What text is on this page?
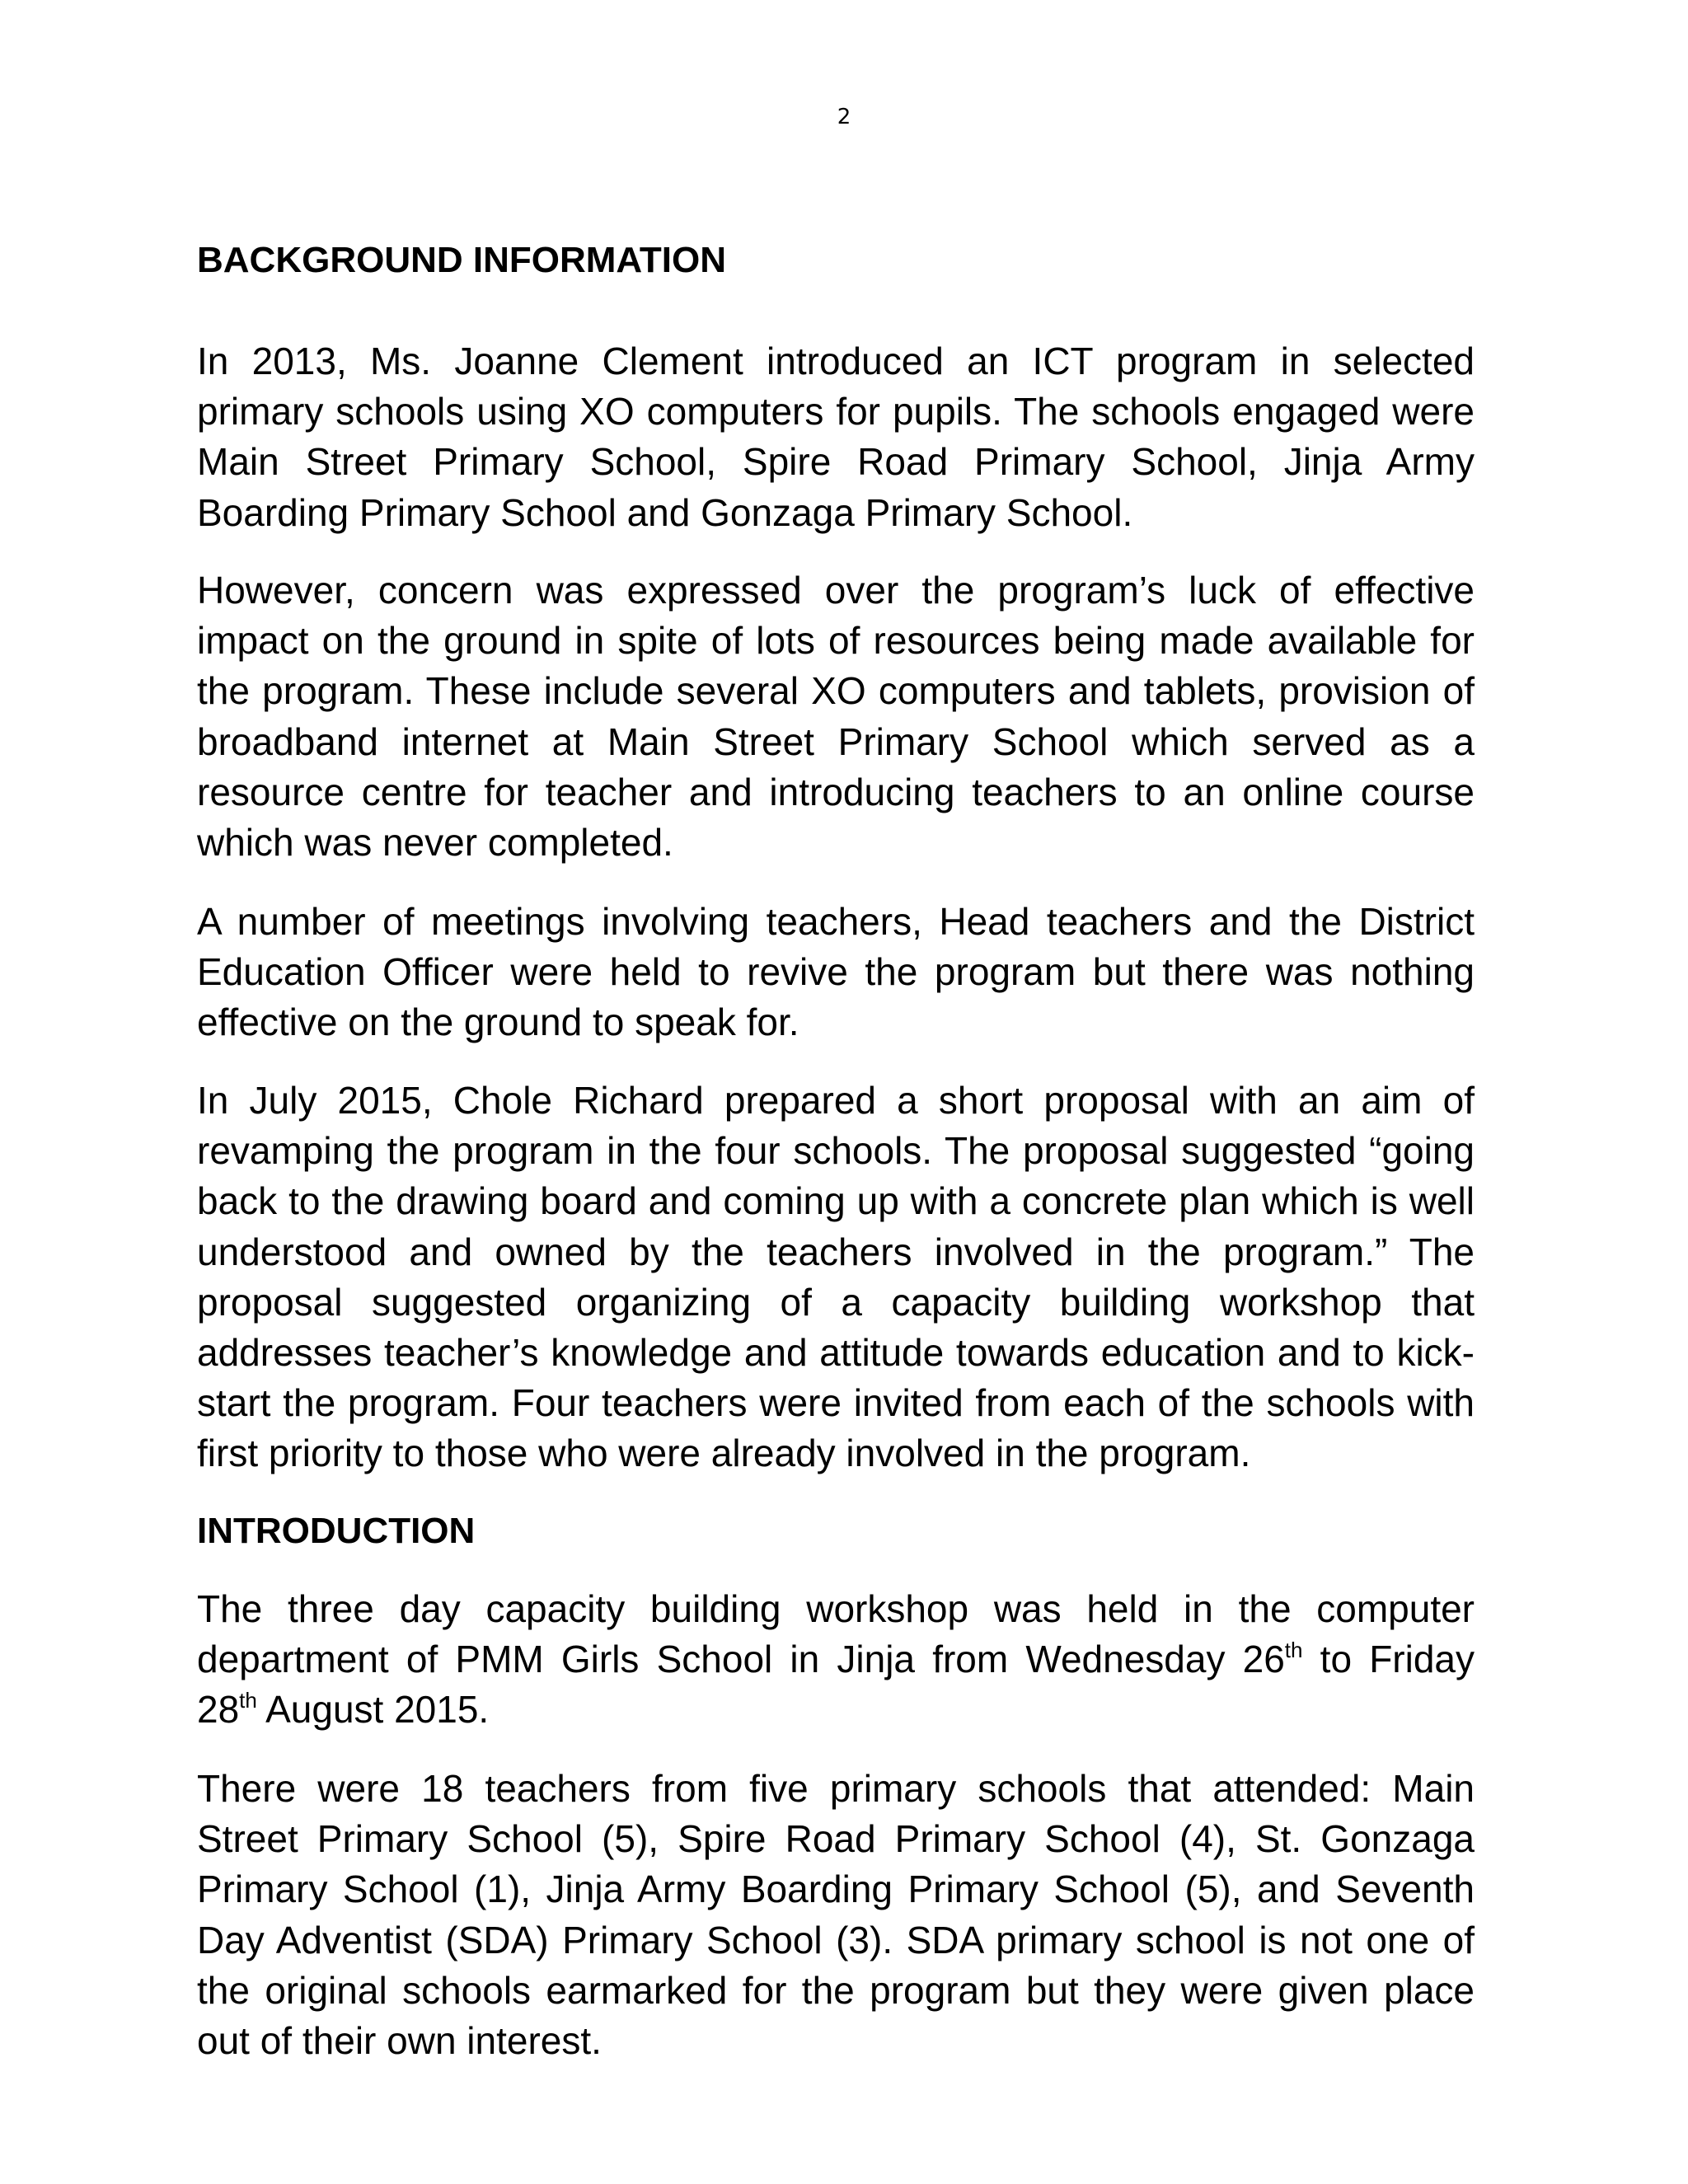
2
BACKGROUND INFORMATION
In 2013, Ms. Joanne Clement introduced an ICT program in selected
primary schools using XO computers for pupils. The schools engaged were
Main Street Primary School, Spire Road Primary School, Jinja Army
Boarding Primary School and Gonzaga Primary School.
However, concern was expressed over the program’s luck of effective
impact on the ground in spite of lots of resources being made available for
the program. These include several XO computers and tablets, provision of
broadband internet at Main Street Primary School which served as a
resource centre for teacher and introducing teachers to an online course
which was never completed.
A number of meetings involving teachers, Head teachers and the District
Education Officer were held to revive the program but there was nothing
effective on the ground to speak for.
In July 2015, Chole Richard prepared a short proposal with an aim of
revamping the program in the four schools. The proposal suggested “going
back to the drawing board and coming up with a concrete plan which is well
understood and owned by the teachers involved in the program.” The
proposal suggested organizing of a capacity building workshop that
addresses teacher’s knowledge and attitude towards education and to kick-
start the program. Four teachers were invited from each of the schools with
first priority to those who were already involved in the program.
INTRODUCTION
The three day capacity building workshop was held in the computer
department of PMM Girls School in Jinja from Wednesday 26th to Friday
28th August 2015.
There were 18 teachers from five primary schools that attended: Main
Street Primary School (5), Spire Road Primary School (4), St. Gonzaga
Primary School (1), Jinja Army Boarding Primary School (5), and Seventh
Day Adventist (SDA) Primary School (3). SDA primary school is not one of
the original schools earmarked for the program but they were given place
out of their own interest.
